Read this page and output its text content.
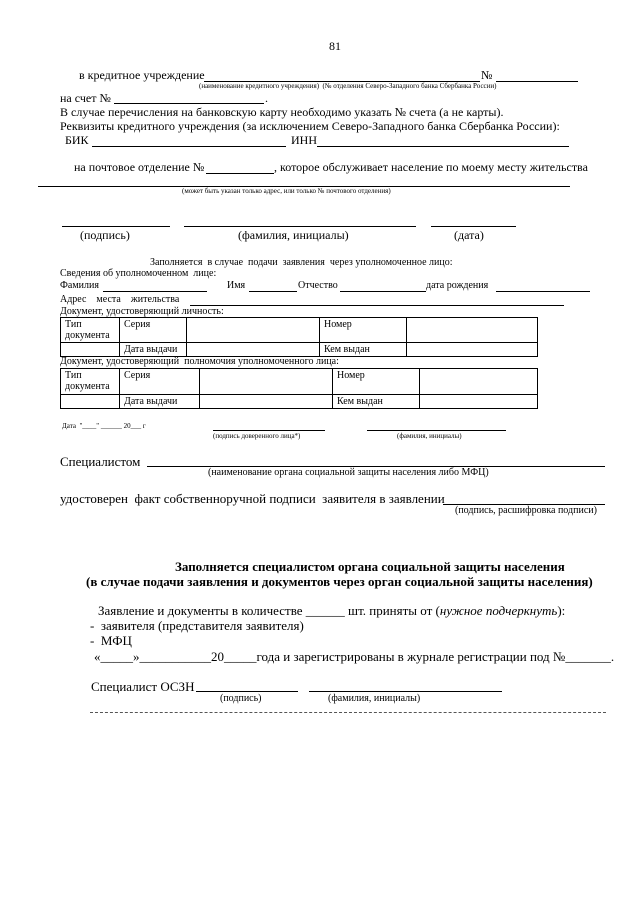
81
в кредитное учреждение	№
(наименование кредитного учреждения)  (№ отделения Северо-Западного банка Сбербанка России)
на счет №	.
В случае перечисления на банковскую карту необходимо указать № счета (а не карты).
Реквизиты кредитного учреждения (за исключением Северо-Западного банка Сбербанка России):
БИК	ИНН
на почтовое отделение №	, которое обслуживает население по моему месту жительства
(может быть указан только адрес, или только № почтового отделения)
(подпись)	(фамилия, инициалы)	(дата)
Заполняется  в случае  подачи  заявления  через уполномоченное лицо:
Сведения об уполномоченном  лице:
Фамилия	Имя	Отчество	дата рождения
Адрес    места    жительства
Документ, удостоверяющий личность:
Тип документа	Серия		Номер	
	Дата выдачи		Кем выдан	
Документ, удостоверяющий  полномочия уполномоченного лица:
Тип документа	Серия		Номер	
	Дата выдачи		Кем выдан	
Дата  "____" ______ 20___ г
(подпись доверенного лица*)	(фамилия, инициалы)
Специалистом
(наименование органа социальной защиты населения либо МФЦ)
удостоверен  факт собственноручной подписи  заявителя в заявлении
(подпись, расшифровка подписи)
Заполняется специалистом органа социальной защиты населения
(в случае подачи заявления и документов через орган социальной защиты населения)
Заявление и документы в количестве ______ шт. приняты от (нужное подчеркнуть):
-  заявителя (представителя заявителя)
-  МФЦ
«_____»___________20_____года и зарегистрированы в журнале регистрации под №_______.
Специалист ОСЗН
(подпись)	(фамилия, инициалы)
